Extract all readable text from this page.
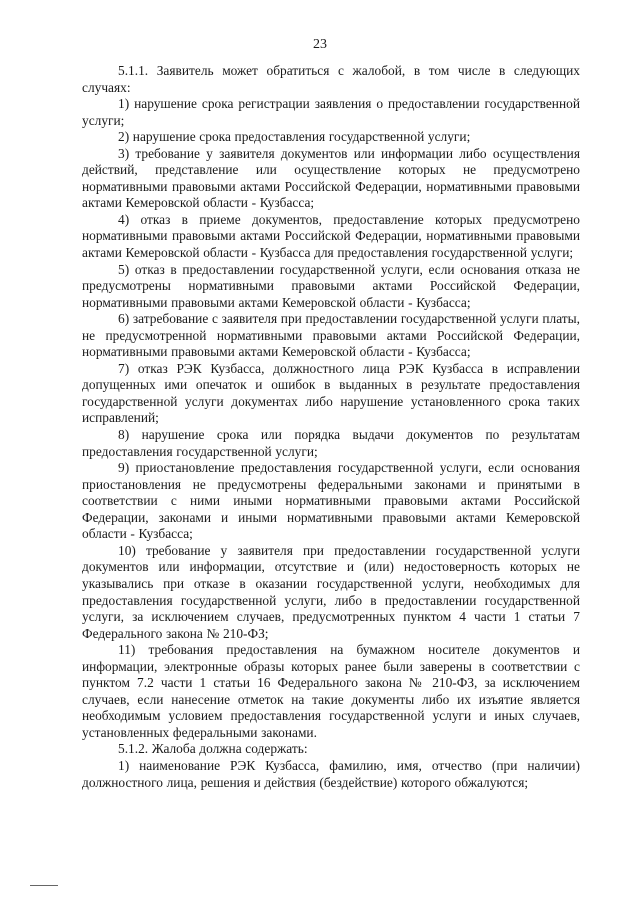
23

5.1.1. Заявитель может обратиться с жалобой, в том числе в следующих случаях:

1) нарушение срока регистрации заявления о предоставлении государственной услуги;

2) нарушение срока предоставления государственной услуги;

3) требование у заявителя документов или информации либо осуществления действий, представление или осуществление которых не предусмотрено нормативными правовыми актами Российской Федерации, нормативными правовыми актами Кемеровской области - Кузбасса;

4) отказ в приеме документов, предоставление которых предусмотрено нормативными правовыми актами Российской Федерации, нормативными правовыми актами Кемеровской области - Кузбасса для предоставления государственной услуги;

5) отказ в предоставлении государственной услуги, если основания отказа не предусмотрены нормативными правовыми актами Российской Федерации, нормативными правовыми актами Кемеровской области - Кузбасса;

6) затребование с заявителя при предоставлении государственной услуги платы, не предусмотренной нормативными правовыми актами Российской Федерации, нормативными правовыми актами Кемеровской области - Кузбасса;

7) отказ РЭК Кузбасса, должностного лица РЭК Кузбасса в исправлении допущенных ими опечаток и ошибок в выданных в результате предоставления государственной услуги документах либо нарушение установленного срока таких исправлений;

8) нарушение срока или порядка выдачи документов по результатам предоставления государственной услуги;

9) приостановление предоставления государственной услуги, если основания приостановления не предусмотрены федеральными законами и принятыми в соответствии с ними иными нормативными правовыми актами Российской Федерации, законами и иными нормативными правовыми актами Кемеровской области - Кузбасса;

10) требование у заявителя при предоставлении государственной услуги документов или информации, отсутствие и (или) недостоверность которых не указывались при отказе в оказании государственной услуги, необходимых для предоставления государственной услуги, либо в предоставлении государственной услуги, за исключением случаев, предусмотренных пунктом 4 части 1 статьи 7 Федерального закона № 210-ФЗ;

11) требования предоставления на бумажном носителе документов и информации, электронные образы которых ранее были заверены в соответствии с пунктом 7.2 части 1 статьи 16 Федерального закона № 210-ФЗ, за исключением случаев, если нанесение отметок на такие документы либо их изъятие является необходимым условием предоставления государственной услуги и иных случаев, установленных федеральными законами.

5.1.2. Жалоба должна содержать:

1) наименование РЭК Кузбасса, фамилию, имя, отчество (при наличии) должностного лица, решения и действия (бездействие) которого обжалуются;
